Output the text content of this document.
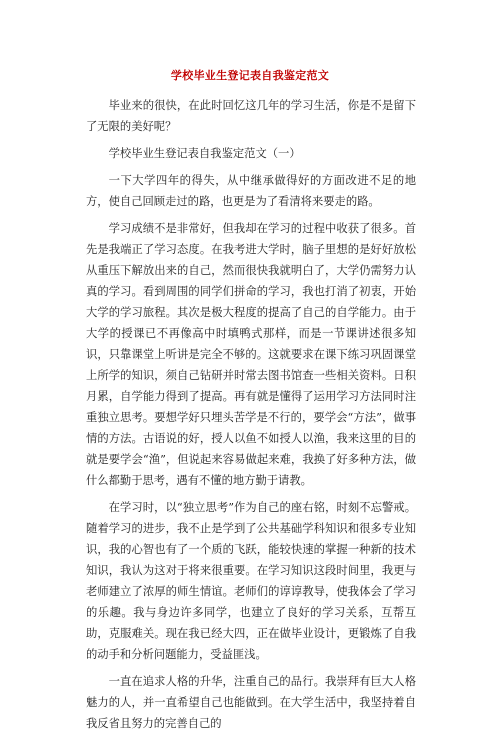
学校毕业生登记表自我鉴定范文

毕业来的很快，在此时回忆这几年的学习生活，你是不是留下了无限的美好呢？

学校毕业生登记表自我鉴定范文（一）

一下大学四年的得失，从中继承做得好的方面改进不足的地方，使自己回顾走过的路，也更是为了看清将来要走的路。

学习成绩不是非常好，但我却在学习的过程中收获了很多。首先是我端正了学习态度。在我考进大学时，脑子里想的是好好放松从重压下解放出来的自己，然而很快我就明白了，大学仍需努力认真的学习。看到周围的同学们拼命的学习，我也打消了初衷，开始大学的学习旅程。其次是极大程度的提高了自己的自学能力。由于大学的授课已不再像高中时填鸭式那样，而是一节课讲述很多知识，只靠课堂上听讲是完全不够的。这就要求在课下练习巩固课堂上所学的知识，须自己钻研并时常去图书馆查一些相关资料。日积月累，自学能力得到了提高。再有就是懂得了运用学习方法同时注重独立思考。要想学好只埋头苦学是不行的，要学会“方法”，做事情的方法。古语说的好，授人以鱼不如授人以渔，我来这里的目的就是要学会“渔”，但说起来容易做起来难，我换了好多种方法，做什么都勤于思考，遇有不懂的地方勤于请教。

在学习时，以“独立思考”作为自己的座右铭，时刻不忘警戒。随着学习的进步，我不止是学到了公共基础学科知识和很多专业知识，我的心智也有了一个质的飞跃，能较快速的掌握一种新的技术知识，我认为这对于将来很重要。在学习知识这段时间里，我更与老师建立了浓厚的师生情谊。老师们的谆谆教导，使我体会了学习的乐趣。我与身边许多同学，也建立了良好的学习关系，互帮互助，克服难关。现在我已经大四，正在做毕业设计，更锻炼了自我的动手和分析问题能力，受益匪浅。

一直在追求人格的升华，注重自己的品行。我崇拜有巨大人格魅力的人，并一直希望自己也能做到。在大学生活中，我坚持着自我反省且努力的完善自己的
